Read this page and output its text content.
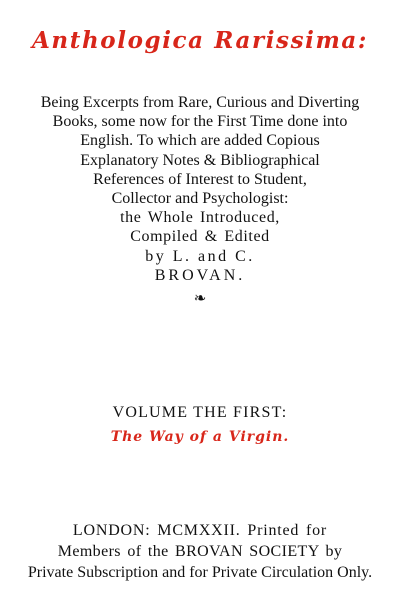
Anthologica Rarissima:
Being Excerpts from Rare, Curious and Diverting
Books, some now for the First Time done into
English. To which are added Copious
Explanatory Notes & Bibliographical
References of Interest to Student,
Collector and Psychologist:
the Whole Introduced,
Compiled & Edited
by L. and C.
BROVAN.
❧
VOLUME THE FIRST:
The Way of a Virgin.
LONDON: MCMXXII. Printed for
Members of the BROVAN SOCIETY by
Private Subscription and for Private Circulation Only.
